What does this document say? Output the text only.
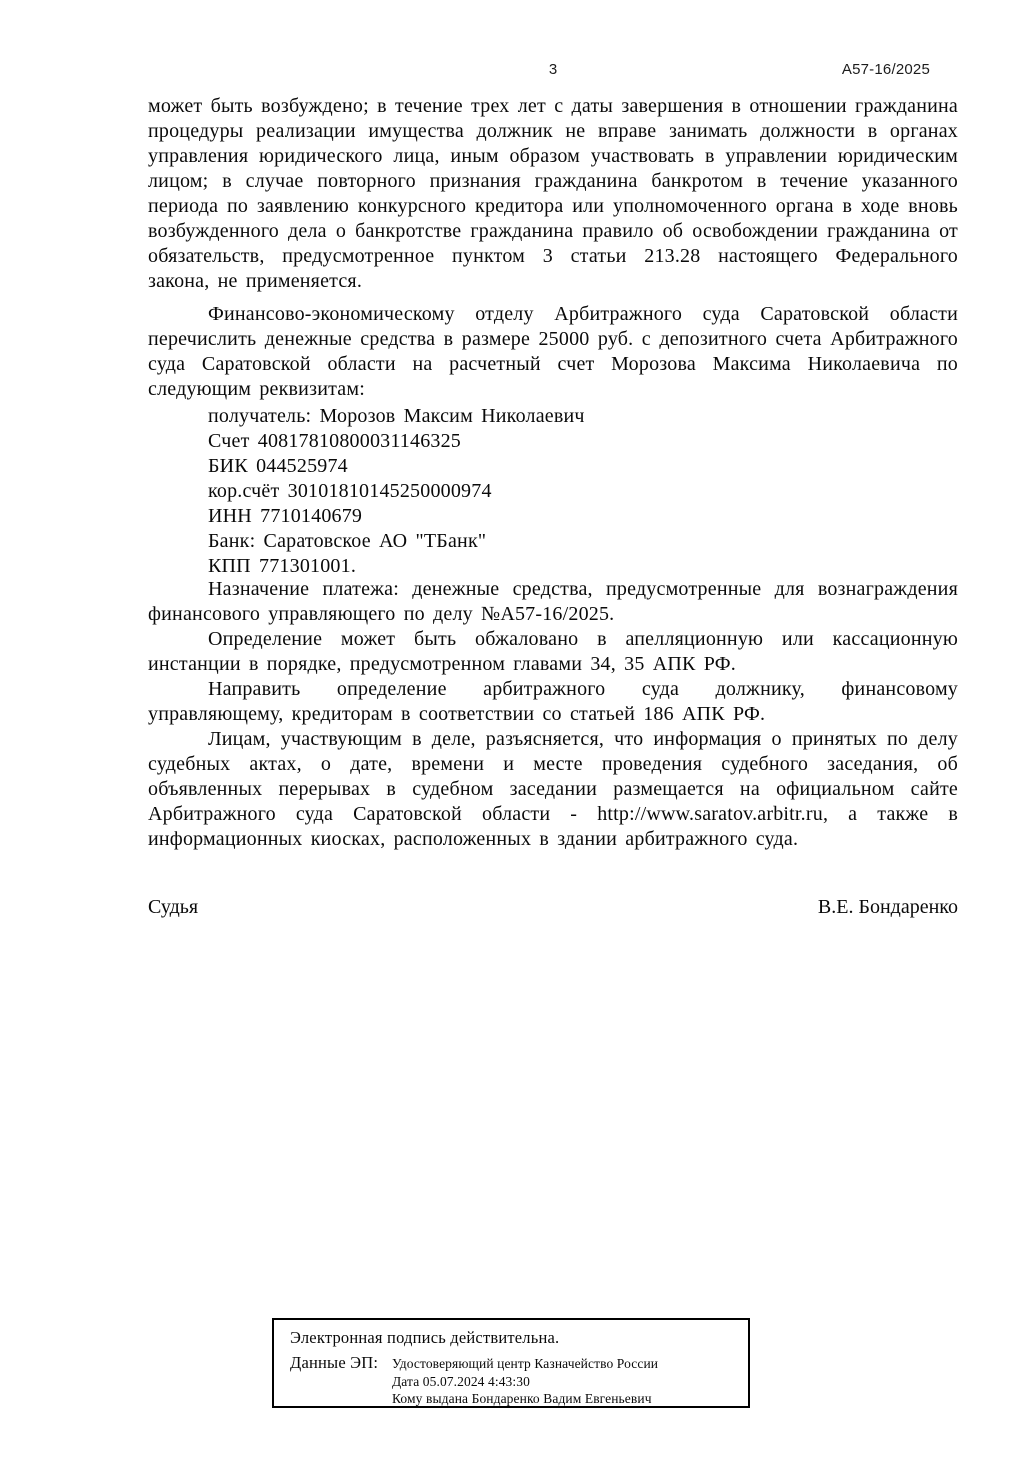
3	А57-16/2025

может быть возбуждено; в течение трех лет с даты завершения в отношении гражданина процедуры реализации имущества должник не вправе занимать должности в органах управления юридического лица, иным образом участвовать в управлении юридическим лицом; в случае повторного признания гражданина банкротом в течение указанного периода по заявлению конкурсного кредитора или уполномоченного органа в ходе вновь возбужденного дела о банкротстве гражданина правило об освобождении гражданина от обязательств, предусмотренное пунктом 3 статьи 213.28 настоящего Федерального закона, не применяется.

Финансово-экономическому отделу Арбитражного суда Саратовской области перечислить денежные средства в размере 25000 руб. с депозитного счета Арбитражного суда Саратовской области на расчетный счет Морозова Максима Николаевича по следующим реквизитам:

получатель: Морозов Максим Николаевич
Счет 40817810800031146325
БИК 044525974
кор.счёт 30101810145250000974
ИНН 7710140679
Банк: Саратовское АО "ТБанк"
КПП 771301001.

Назначение платежа: денежные средства, предусмотренные для вознаграждения финансового управляющего по делу №А57-16/2025.

Определение может быть обжаловано в апелляционную или кассационную инстанции в порядке, предусмотренном главами 34, 35 АПК РФ.

Направить определение арбитражного суда должнику, финансовому управляющему, кредиторам в соответствии со статьей 186 АПК РФ.

Лицам, участвующим в деле, разъясняется, что информация о принятых по делу судебных актах, о дате, времени и месте проведения судебного заседания, об объявленных перерывах в судебном заседании размещается на официальном сайте Арбитражного суда Саратовской области - http://www.saratov.arbitr.ru, а также в информационных киосках, расположенных в здании арбитражного суда.

Судья	В.Е. Бондаренко
Электронная подпись действительна.
Данные ЭП:	Удостоверяющий центр Казначейство России
Дата 05.07.2024 4:43:30
Кому выдана Бондаренко Вадим Евгеньевич
